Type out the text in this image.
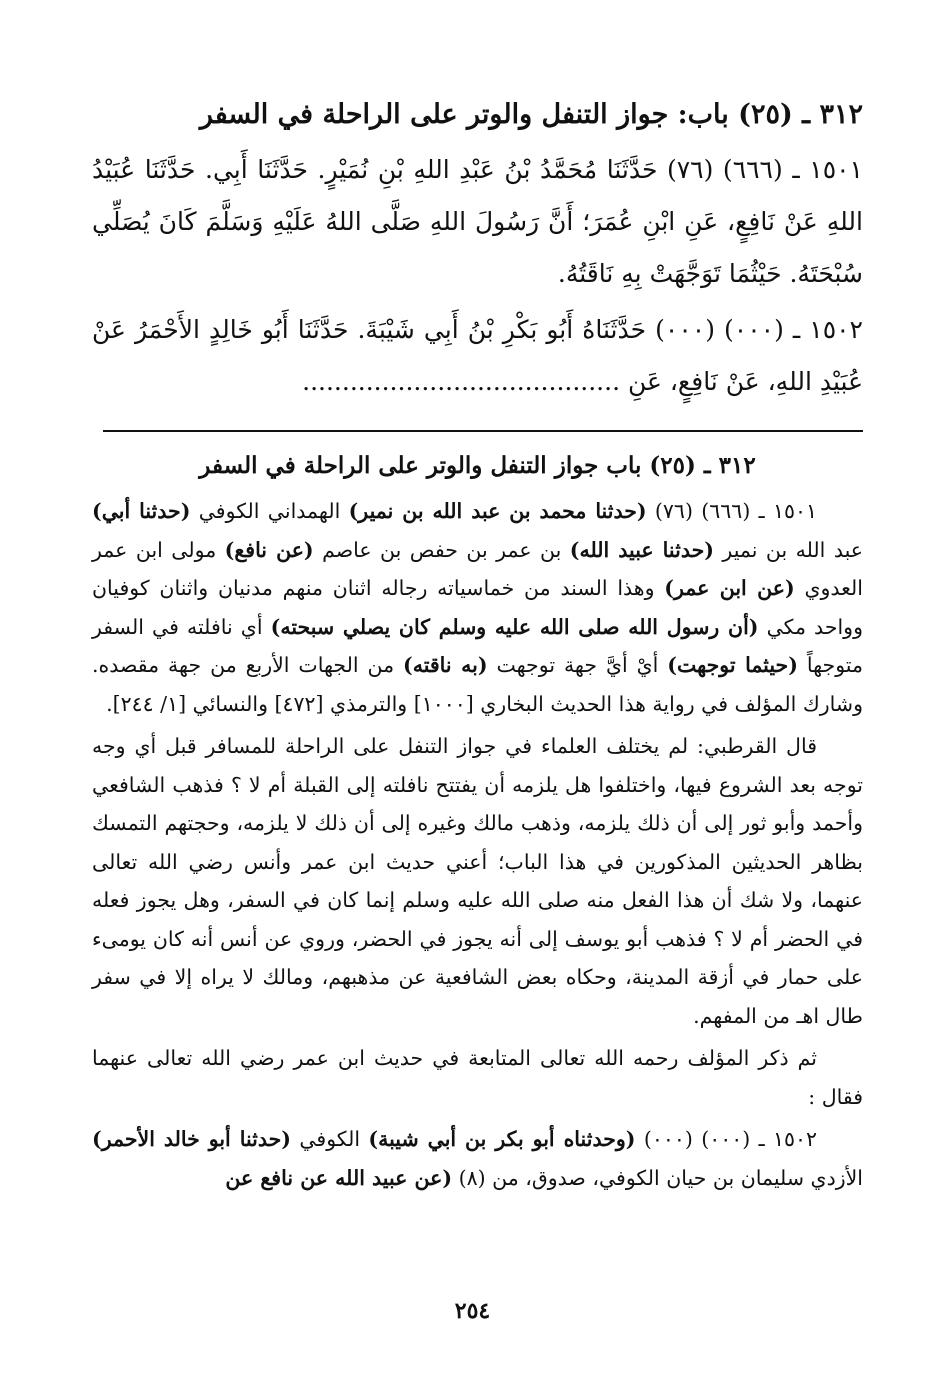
٣١٢ ـ (٢٥) باب: جواز التنفل والوتر على الراحلة في السفر

١٥٠١ ـ (٦٦٦) (٧٦) حَدَّثَنَا مُحَمَّدُ بْنُ عَبْدِ اللهِ بْنِ نُمَيْرٍ. حَدَّثَنَا أَبِي. حَدَّثَنَا عُبَيْدُ اللهِ عَنْ نَافِعٍ، عَنِ ابْنِ عُمَرَ؛ أَنَّ رَسُولَ اللهِ صَلَّى اللهُ عَلَيْهِ وَسَلَّمَ كَانَ يُصَلِّي سُبْحَتَهُ. حَيْثُمَا تَوَجَّهَتْ بِهِ نَاقَتُهُ.

١٥٠٢ ـ (٠٠٠) (٠٠٠) حَدَّثَنَاهُ أَبُو بَكْرِ بْنُ أَبِي شَيْبَةَ. حَدَّثَنَا أَبُو خَالِدٍ الأَحْمَرُ عَنْ عُبَيْدِ اللهِ، عَنْ نَافِعٍ، عَنِ ........................................

٣١٢ ـ (٢٥) باب جواز التنفل والوتر على الراحلة في السفر

١٥٠١ ـ (٦٦٦) (٧٦) (حدثنا محمد بن عبد الله بن نمير) الهمداني الكوفي (حدثنا أبي) عبد الله بن نمير (حدثنا عبيد الله) بن عمر بن حفص بن عاصم (عن نافع) مولى ابن عمر العدوي (عن ابن عمر) وهذا السند من خماسياته رجاله اثنان منهم مدنيان واثنان كوفيان وواحد مكي (أن رسول الله صلى الله عليه وسلم كان يصلي سبحته) أي نافلته في السفر متوجهاً (حيثما توجهت) أيْ أيَّ جهة توجهت (به ناقته) من الجهات الأربع من جهة مقصده. وشارك المؤلف في رواية هذا الحديث البخاري [١٠٠٠] والترمذي [٤٧٢] والنسائي [١/ ٢٤٤].

قال القرطبي: لم يختلف العلماء في جواز التنفل على الراحلة للمسافر قبل أي وجه توجه بعد الشروع فيها، واختلفوا هل يلزمه أن يفتتح نافلته إلى القبلة أم لا ؟ فذهب الشافعي وأحمد وأبو ثور إلى أن ذلك يلزمه، وذهب مالك وغيره إلى أن ذلك لا يلزمه، وحجتهم التمسك بظاهر الحديثين المذكورين في هذا الباب؛ أعني حديث ابن عمر وأنس رضي الله تعالى عنهما، ولا شك أن هذا الفعل منه صلى الله عليه وسلم إنما كان في السفر، وهل يجوز فعله في الحضر أم لا ؟ فذهب أبو يوسف إلى أنه يجوز في الحضر، وروي عن أنس أنه كان يومىء على حمار في أزقة المدينة، وحكاه بعض الشافعية عن مذهبهم، ومالك لا يراه إلا في سفر طال اهـ من المفهم.

ثم ذكر المؤلف رحمه الله تعالى المتابعة في حديث ابن عمر رضي الله تعالى عنهما فقال :

١٥٠٢ ـ (٠٠٠) (٠٠٠) (وحدثناه أبو بكر بن أبي شيبة) الكوفي (حدثنا أبو خالد الأحمر) الأزدي سليمان بن حيان الكوفي، صدوق، من (٨) (عن عبيد الله عن نافع عن

٢٥٤
